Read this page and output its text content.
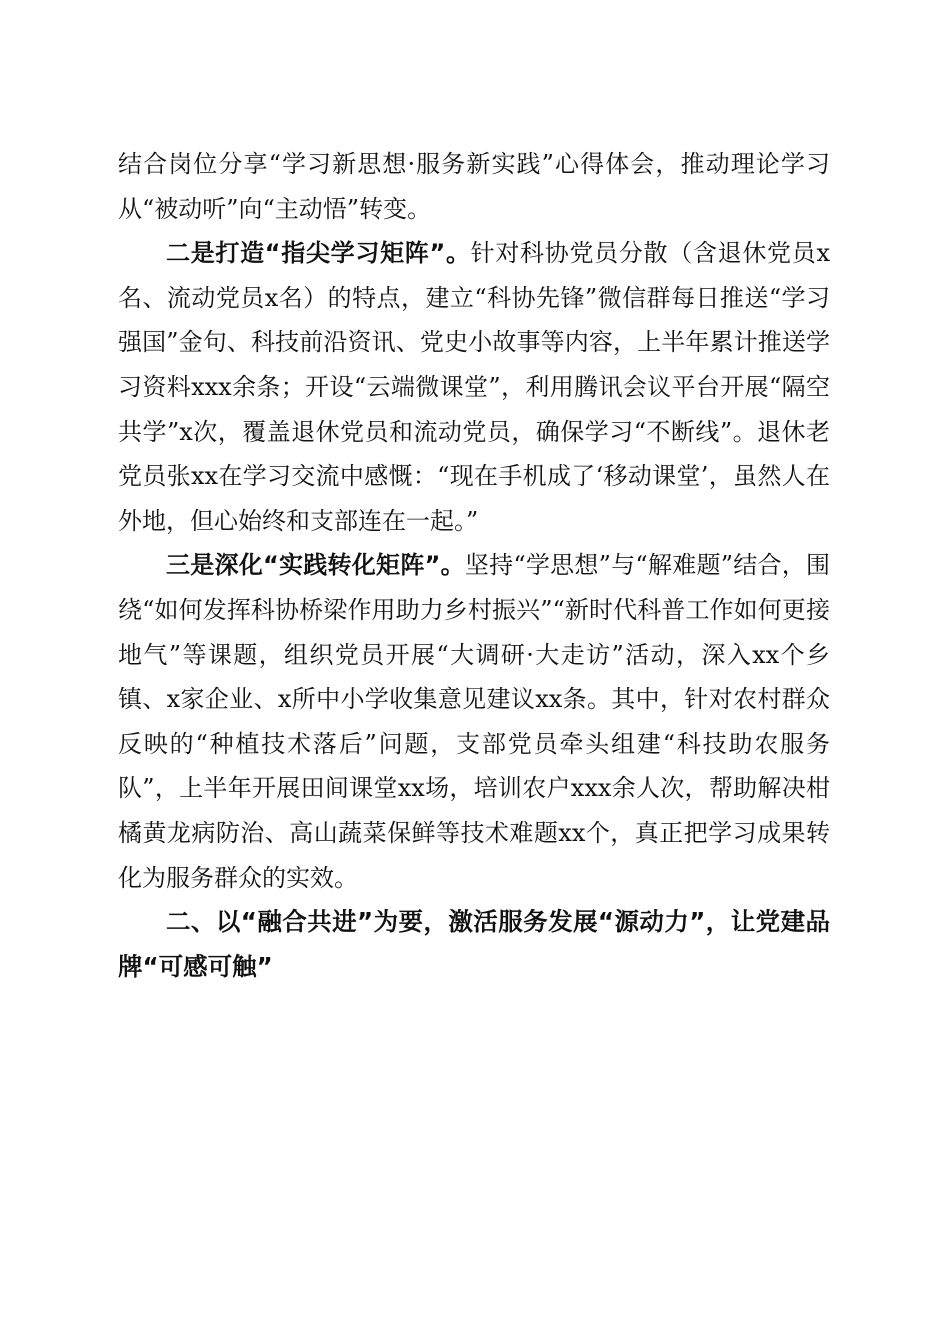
结合岗位分享“学习新思想·服务新实践”心得体会，推动理论学习从“被动听”向“主动悟”转变。

二是打造“指尖学习矩阵”。针对科协党员分散（含退休党员x名、流动党员x名）的特点，建立“科协先锋”微信群每日推送“学习强国”金句、科技前沿资讯、党史小故事等内容，上半年累计推送学习资料xxx余条；开设“云端微课堂”，利用腾讯会议平台开展“隔空共学”x次，覆盖退休党员和流动党员，确保学习“不断线”。退休老党员张xx在学习交流中感慨：“现在手机成了‘移动课堂’，虽然人在外地，但心始终和支部连在一起。”

三是深化“实践转化矩阵”。坚持“学思想”与“解难题”结合，围绕“如何发挥科协桥梁作用助力乡村振兴”“新时代科普工作如何更接地气”等课题，组织党员开展“大调研·大走访”活动，深入xx个乡镇、x家企业、x所中小学收集意见建议xx条。其中，针对农村群众反映的“种植技术落后”问题，支部党员牵头组建“科技助农服务队”，上半年开展田间课堂xx场，培训农户xxx余人次，帮助解决柑橘黄龙病防治、高山蔬菜保鲜等技术难题xx个，真正把学习成果转化为服务群众的实效。

二、以“融合共进”为要，激活服务发展“源动力”，让党建品牌“可感可触”
